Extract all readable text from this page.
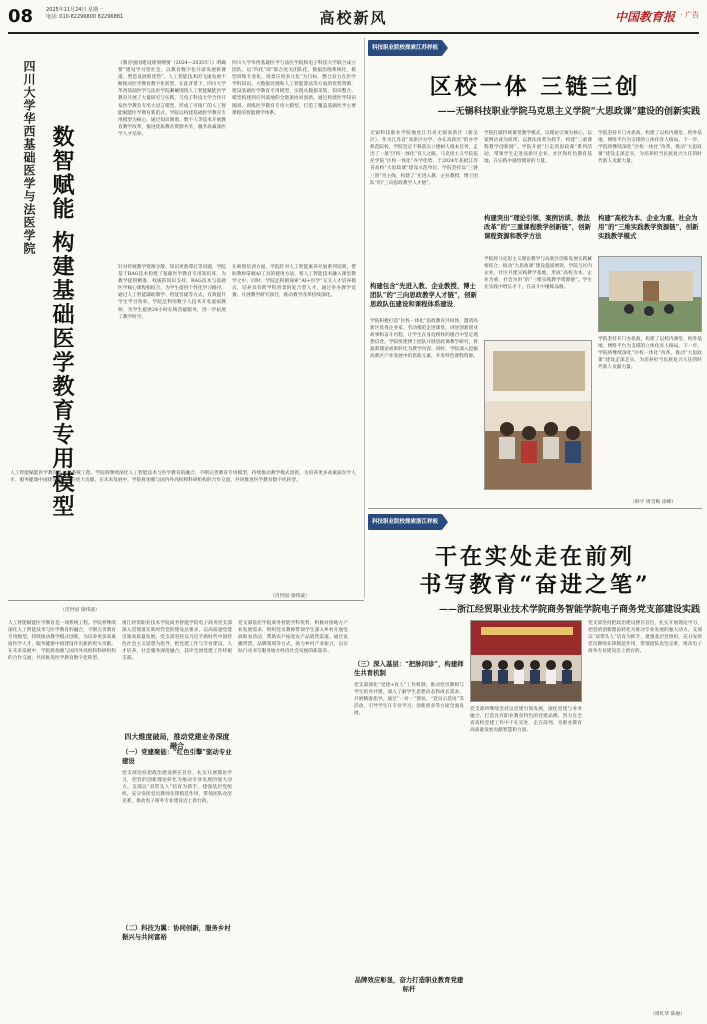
08	2025年11月24日 星期一
电话: 010-82296800 82296881	高校新风	中国教育报 · 广告
四川大学华西基础医学与法医学院 数智赋能 构建基础医学教育专用模型
《教育强国建设规划纲要（2024—2035年）》明确要“建设学习型社会，以教育数字化开辟发展新赛道、塑造发展新优势”。人工智能技术的飞速发展不断推动医学教育数字化转型，在此背景下，四川大学华西基础医学与法医学院紧紧围绕人工智能赋能医学教育开展了大量研究与实践，与电子科技大学合作开发医学教育专用大语言模型，形成了可推广的人工智能赋能医学教育新范式。学院以构建基础医学教育专用模型为核心，通过知识图谱、数字人等技术开展教育教学改革，推进优质教育资源共享，服务高素质医学人才培养。
四川大学华西基础医学与法医学院和电子科技大学联合成立团队，以“四化”即“联合攻关团队化、数据治理系统化、模型训练专业化、场景应用多元化”为目标，整合双方在医学学科知识、大数据处理和人工智能算法等方面的优势资源，建设基础医学教育专用模型，实现从数据采集、知识整合、模型构建到应用落地的全链条协同创新。通过构建医学知识图谱、训练医学教育专用大模型，打造了覆盖基础医学主要课程的智能教学体系。
针对传统教学资源分散、知识更新滞后等问题，学院基于RAG技术构建了基础医学教育专用知识库，为教学提供精准、权威的知识支持。RAG技术与基础医学核心课程相结合，为学生提供个性化学习路径。通过人工智能辅助教学、智能答疑等方式，有效提升学生学习效率。学院还利用数字人技术开发虚拟教师，为学生提供24小时在线答疑服务，进一步拓展了教学时空。
在师资培训方面，学院针对人工智能素养开展系列培训，帮助教师掌握AI工具的使用方法，将人工智能技术融入课堂教学之中。同时，学院还积极探索“AI+医学”交叉人才培养模式，培养具有跨学科背景的复合型人才。通过举办教学竞赛、开展教学研究项目，推动教学改革持续深化。
人工智能赋能医学教育是一项系统工程。学院将继续深化人工智能技术与医学教育的融合，不断完善教育专用模型，持续推动教学模式创新，为培养更多高素质医学人才、服务健康中国建设作出新的更大贡献。在未来发展中，学院将加强与国内外高校和科研机构的合作交流，共同推进医学教育数字化转型。
（肖世国 梁伟波）
科技职业院校探索江苏样板
区校一体 三链三创
——无锡科技职业学院马克思主义学院“大思政课”建设的创新实践
无锡科技职业学院地处江苏省无锡高新区（新吴区），作为江苏省“高新区办学、办在高新区”的办学典范院校，学院坚定不移落实立德树人根本任务，走出了一条“区校一体化”育人之路。马克思主义学院依托学院“区校一体化”办学优势，于2024年获批江苏省高校“大思政课”建设示范单位。学院坚持以“三链三创”为主线，构建了“先进入教、企业教授、博士团队”的“三向思政教学人才链”。
构建包含“先进入教、企业教授、博士团队”的“三向思政教学人才链”，创新思政队伍建设和课程体系建设
学院积极打造“区校一体化”思政教育共同体，邀请高新区优秀企业家、劳动模范走进课堂，讲述创新创业故事和奋斗历程，让学生在身边榜样的感召中坚定理想信念。学院组建博士团队开展思政课教学研究，将最新理论成果转化为教学内容。同时，学院深入挖掘高新区产业发展中的思政元素，开发特色课程资源。
学院打破传统课堂教学模式，以理论引领为核心，以案例访谈为纽带，以教法改革为抓手，构建“三重课程教学创新链”。学院开展“行走的思政课”系列活动，带领学生走进高新区企业、社区和红色教育基地，在实践中感悟理论的力量。
构建突出“理论引领、案例访谈、教法改革”的“三重课程教学创新链”，创新课程资源和教学方法
构建“高校为本、企业为重、社会为用”的“三维实践教学资源链”，创新实践教学模式
学院将马克思主义理论教学与高新区创新发展实践紧密结合，推动“大思政课”建设提质增效。学院与区内企业、社区共建实践教学基地，形成“高校为本、企业为重、社会为用”的“三维实践教学资源链”。学生在实践中增长才干，在奋斗中锤炼品格。
学院坚持开门办思政，构建了以校内课堂、校外基地、网络平台为支撑的立体化育人格局。下一步，学院将继续深化“区校一体化”改革，推动“大思政课”建设走深走实，为培养担当民族复兴大任的时代新人贡献力量。
学院坚持开门办思政，构建了以校内课堂、校外基地、网络平台为支撑的立体化育人格局。下一步，学院将继续深化“区校一体化”改革，推动“大思政课”建设走深走实，为培养担当民族复兴大任的时代新人贡献力量。
（韩宇 周雪梅 徐峰）
科技职业院校探索浙江样板
干在实处走在前列
书写教育“奋进之笔”
——浙江经贸职业技术学院商务智能学院电子商务党支部建设实践
人工智能赋能医学教育是一项系统工程。学院将继续深化人工智能技术与医学教育的融合，不断完善教育专用模型，持续推动教学模式创新，为培养更多高素质医学人才、服务健康中国建设作出新的更大贡献。在未来发展中，学院将加强与国内外高校和科研机构的合作交流，共同推进医学教育数字化转型。
浙江经贸职业技术学院商务智能学院电子商务党支部深入贯彻落实新时代党的建设总要求，以高质量党建引领高质量发展。党支部坚持以习近平新时代中国特色社会主义思想为指导，把党建工作与专业建设、人才培养、社会服务深度融合，获评全国党建工作样板支部。
四大维度破局，推动党建业务深度融合
（一）党建聚能：“红色引擎”驱动专业建设
党支部坚持把政治建设摆在首位，扎实开展理论学习，把党的创新理论转化为推动专业发展的强大动力。支部以“双带头人”培育为抓手，建强基层党组织，充分发挥党员教师先锋模范作用，带领团队攻坚克难，推动电子商务专业建设迈上新台阶。
（二）科技为翼：协同创新，服务乡村振兴与共同富裕
党支部依托学院商务智能学科优势，积极对接地方产业发展需求，组织党员教师带领学生深入乡村开展电商助农活动，帮助农户拓宽农产品销售渠道。通过直播带货、品牌策划等方式，助力乡村产业振兴，以实际行动书写服务地方经济社会发展的新篇章。
（三）深入基层：“把脉问诊”，构建师生共育机制
党支部深化“党建+育人”工作机制，推动党员教师与学生结对共建，深入了解学生思想动态和成长需求，开展精准指导。通过“一对一”帮扶、“党员示范岗”等活动，引导学生在专业学习、创新创业等方面全面发展。
品牌效应彰显，奋力打造职业教育党建标杆
党支部将继续坚持以党建引领发展，深化党建与业务融合，打造具有职业教育特色的党建品牌，努力在全省高校党建工作中干在实处、走在前列，为职业教育高质量发展贡献智慧和力量。
党支部坚持把政治建设摆在首位，扎实开展理论学习，把党的创新理论转化为推动专业发展的强大动力。支部以“双带头人”培育为抓手，建强基层党组织，充分发挥党员教师先锋模范作用，带领团队攻坚克难，推动电子商务专业建设迈上新台阶。
（周红华 陈俊）
（肖世国 梁伟波）
